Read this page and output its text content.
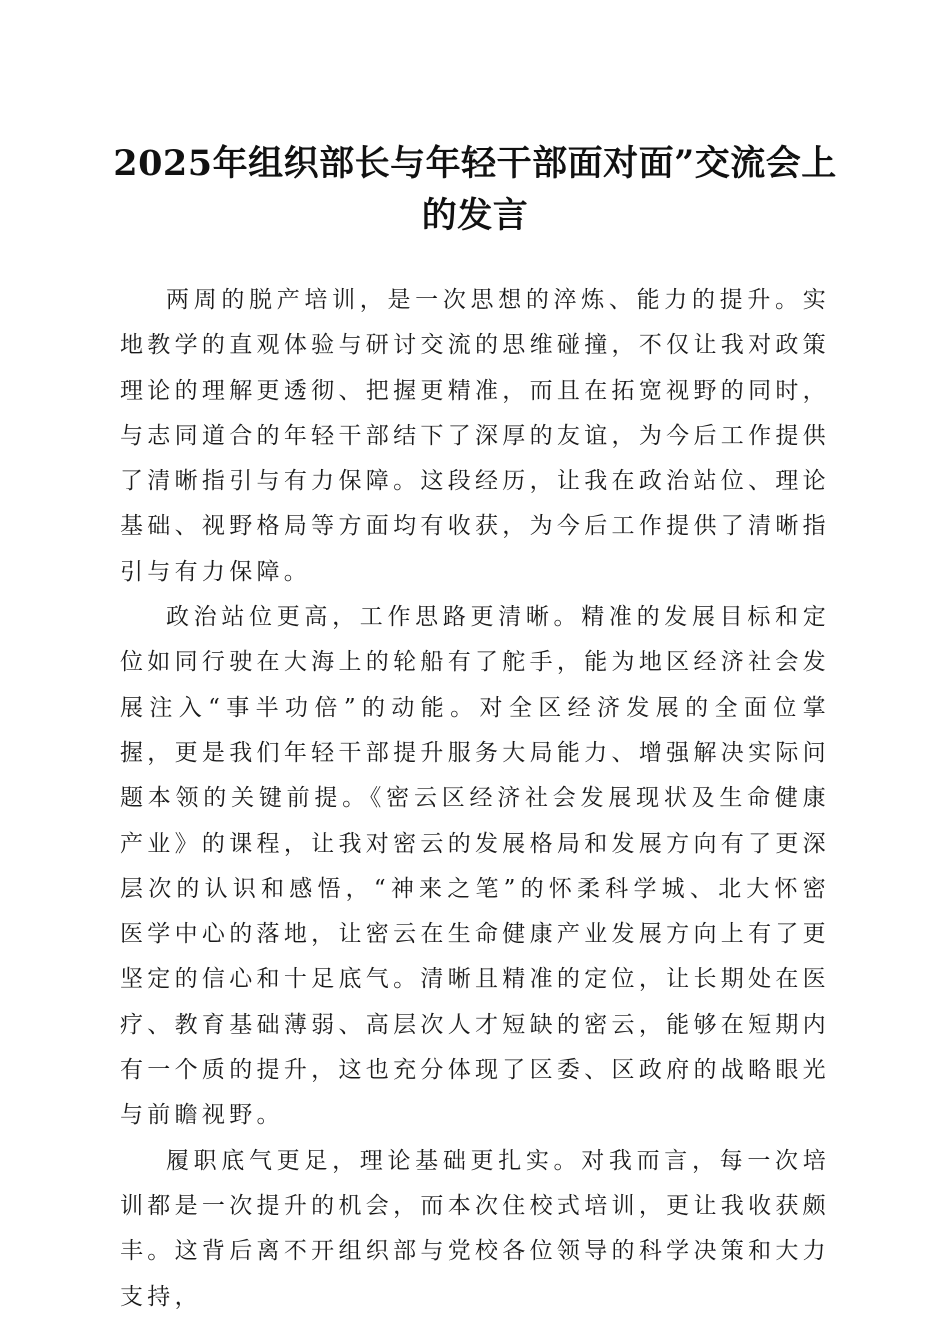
2025年组织部长与年轻干部面对面”交流会上的发言

两周的脱产培训，是一次思想的淬炼、能力的提升。实地教学的直观体验与研讨交流的思维碰撞，不仅让我对政策理论的理解更透彻、把握更精准，而且在拓宽视野的同时，与志同道合的年轻干部结下了深厚的友谊，为今后工作提供了清晰指引与有力保障。这段经历，让我在政治站位、理论基础、视野格局等方面均有收获，为今后工作提供了清晰指引与有力保障。

政治站位更高，工作思路更清晰。精准的发展目标和定位如同行驶在大海上的轮船有了舵手，能为地区经济社会发展注入“事半功倍”的动能。对全区经济发展的全面位掌握，更是我们年轻干部提升服务大局能力、增强解决实际问题本领的关键前提。《密云区经济社会发展现状及生命健康产业》的课程，让我对密云的发展格局和发展方向有了更深层次的认识和感悟，“神来之笔”的怀柔科学城、北大怀密医学中心的落地，让密云在生命健康产业发展方向上有了更坚定的信心和十足底气。清晰且精准的定位，让长期处在医疗、教育基础薄弱、高层次人才短缺的密云，能够在短期内有一个质的提升，这也充分体现了区委、区政府的战略眼光与前瞻视野。

履职底气更足，理论基础更扎实。对我而言，每一次培训都是一次提升的机会，而本次住校式培训，更让我收获颇丰。这背后离不开组织部与党校各位领导的科学决策和大力支持，
